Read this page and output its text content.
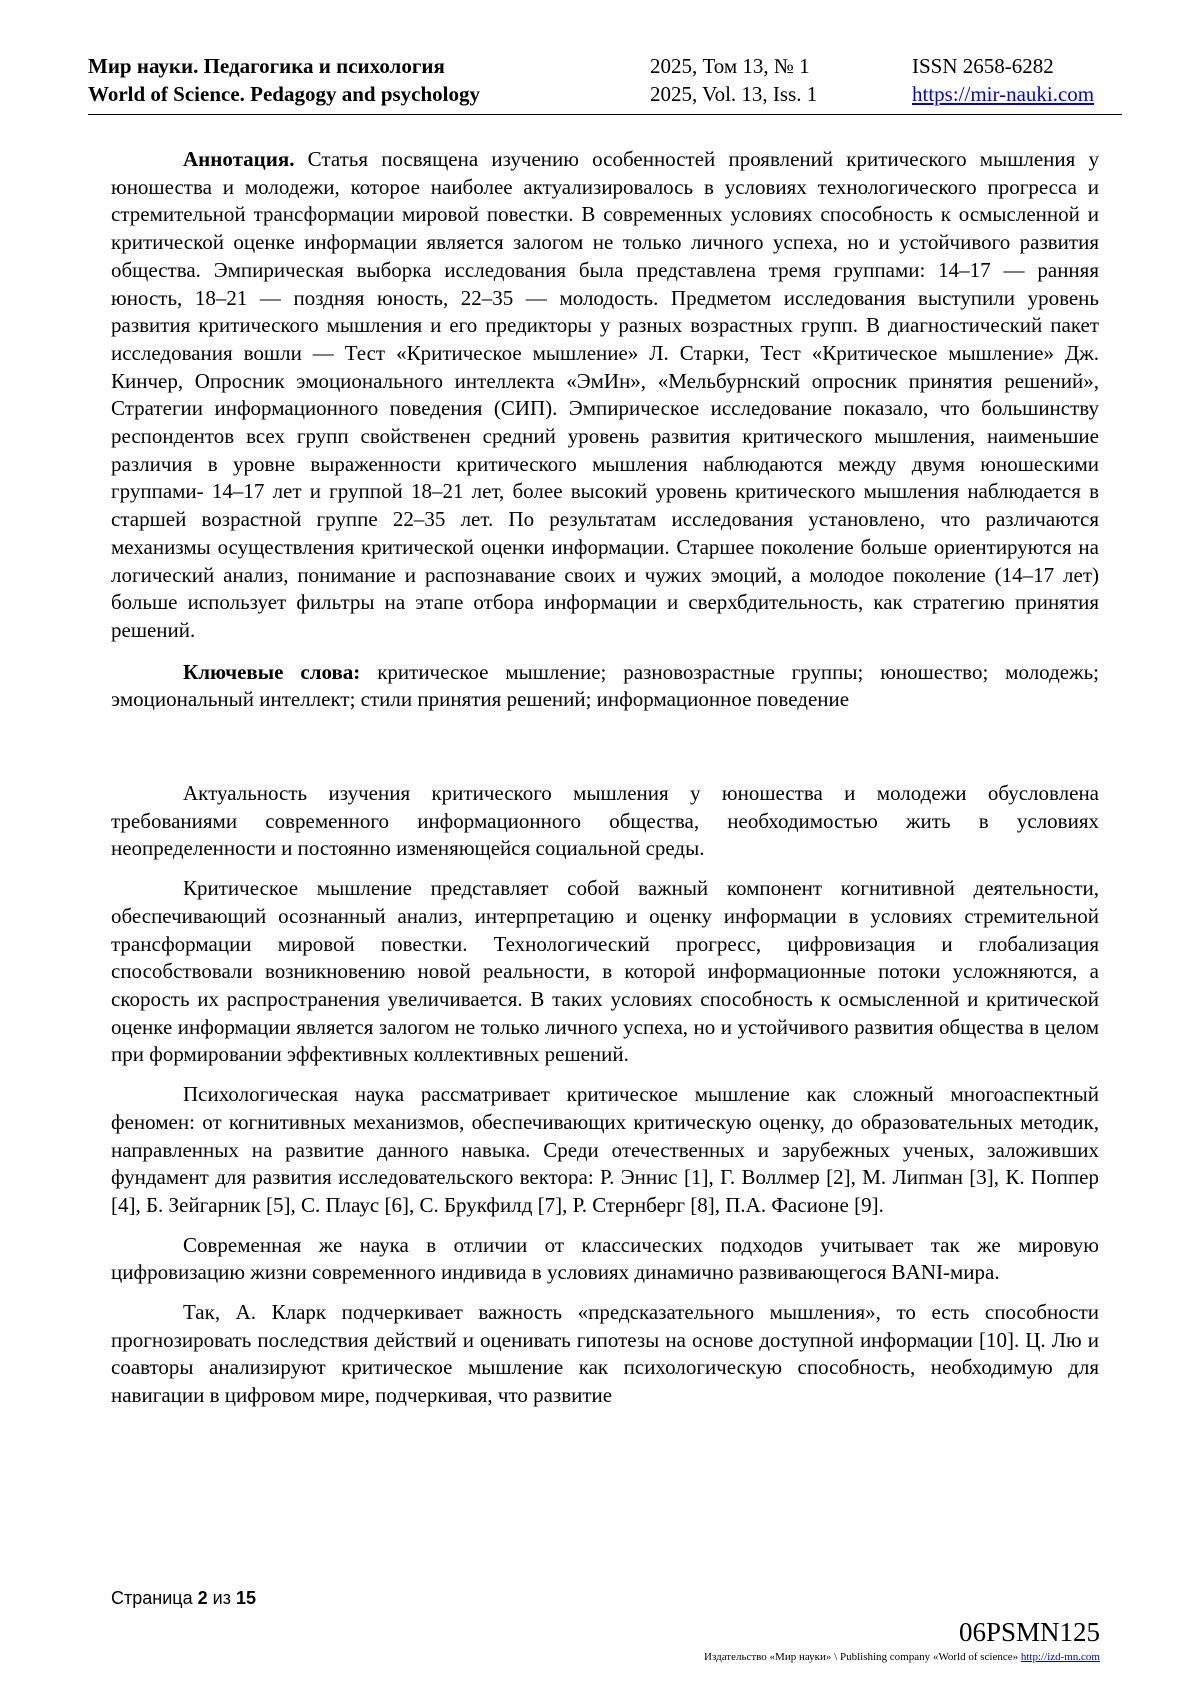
Мир науки. Педагогика и психология
World of Science. Pedagogy and psychology
2025, Том 13, № 1
2025, Vol. 13, Iss. 1
ISSN 2658-6282
https://mir-nauki.com

Аннотация. Статья посвящена изучению особенностей проявлений критического мышления у юношества и молодежи, которое наиболее актуализировалось в условиях технологического прогресса и стремительной трансформации мировой повестки. В современных условиях способность к осмысленной и критической оценке информации является залогом не только личного успеха, но и устойчивого развития общества. Эмпирическая выборка исследования была представлена тремя группами: 14–17 — ранняя юность, 18–21 — поздняя юность, 22–35 — молодость. Предметом исследования выступили уровень развития критического мышления и его предикторы у разных возрастных групп. В диагностический пакет исследования вошли — Тест «Критическое мышление» Л. Старки, Тест «Критическое мышление» Дж. Кинчер, Опросник эмоционального интеллекта «ЭмИн», «Мельбурнский опросник принятия решений», Стратегии информационного поведения (СИП). Эмпирическое исследование показало, что большинству респондентов всех групп свойственен средний уровень развития критического мышления, наименьшие различия в уровне выраженности критического мышления наблюдаются между двумя юношескими группами- 14–17 лет и группой 18–21 лет, более высокий уровень критического мышления наблюдается в старшей возрастной группе 22–35 лет. По результатам исследования установлено, что различаются механизмы осуществления критической оценки информации. Старшее поколение больше ориентируются на логический анализ, понимание и распознавание своих и чужих эмоций, а молодое поколение (14–17 лет) больше использует фильтры на этапе отбора информации и сверхбдительность, как стратегию принятия решений.

Ключевые слова: критическое мышление; разновозрастные группы; юношество; молодежь; эмоциональный интеллект; стили принятия решений; информационное поведение

Актуальность изучения критического мышления у юношества и молодежи обусловлена требованиями современного информационного общества, необходимостью жить в условиях неопределенности и постоянно изменяющейся социальной среды.

Критическое мышление представляет собой важный компонент когнитивной деятельности, обеспечивающий осознанный анализ, интерпретацию и оценку информации в условиях стремительной трансформации мировой повестки. Технологический прогресс, цифровизация и глобализация способствовали возникновению новой реальности, в которой информационные потоки усложняются, а скорость их распространения увеличивается. В таких условиях способность к осмысленной и критической оценке информации является залогом не только личного успеха, но и устойчивого развития общества в целом при формировании эффективных коллективных решений.

Психологическая наука рассматривает критическое мышление как сложный многоаспектный феномен: от когнитивных механизмов, обеспечивающих критическую оценку, до образовательных методик, направленных на развитие данного навыка. Среди отечественных и зарубежных ученых, заложивших фундамент для развития исследовательского вектора: Р. Эннис [1], Г. Воллмер [2], М. Липман [3], К. Поппер [4], Б. Зейгарник [5], С. Плаус [6], С. Брукфилд [7], Р. Стернберг [8], П.А. Фасионе [9].

Современная же наука в отличии от классических подходов учитывает так же мировую цифровизацию жизни современного индивида в условиях динамично развивающегося BANI-мира.

Так, А. Кларк подчеркивает важность «предсказательного мышления», то есть способности прогнозировать последствия действий и оценивать гипотезы на основе доступной информации [10]. Ц. Лю и соавторы анализируют критическое мышление как психологическую способность, необходимую для навигации в цифровом мире, подчеркивая, что развитие

Страница 2 из 15
06PSMN125
Издательство «Мир науки» \ Publishing company «World of science» http://izd-mn.com
